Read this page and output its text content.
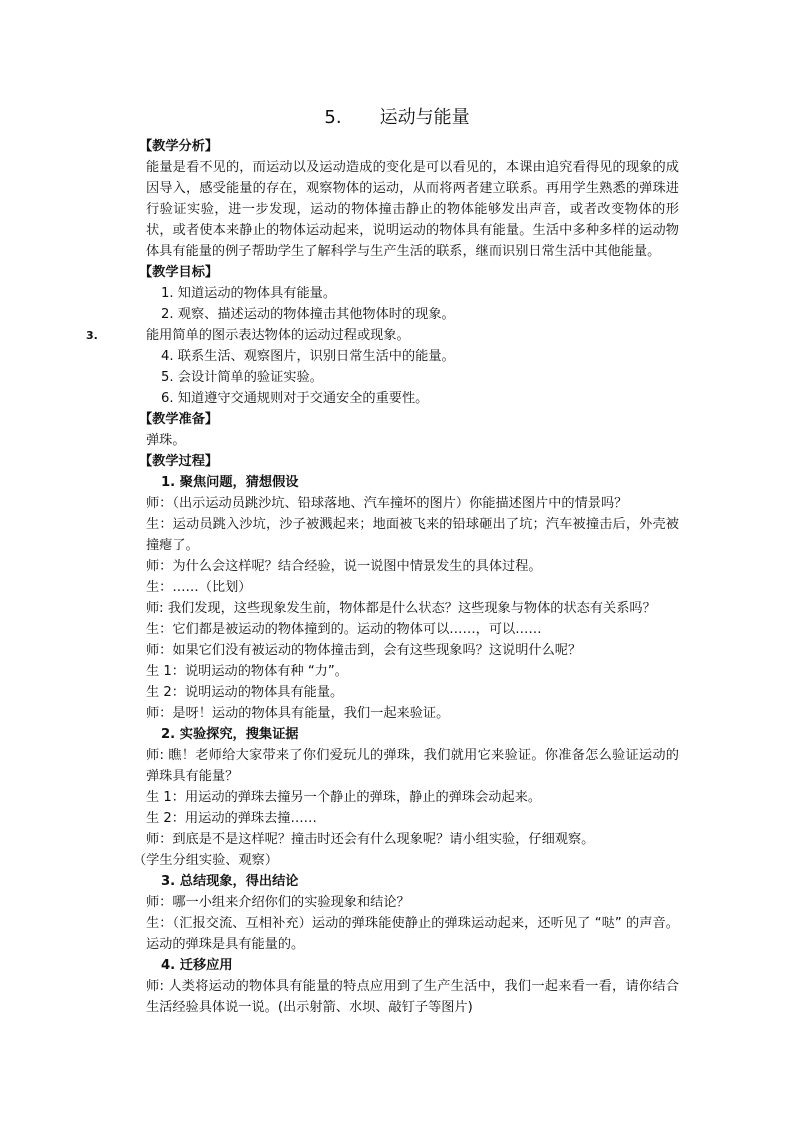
5. 运动与能量

【教学分析】

能量是看不见的，而运动以及运动造成的变化是可以看见的，本课由追究看得见的现象的成因导入，感受能量的存在，观察物体的运动，从而将两者建立联系。再用学生熟悉的弹珠进行验证实验，进一步发现，运动的物体撞击静止的物体能够发出声音，或者改变物体的形状，或者使本来静止的物体运动起来，说明运动的物体具有能量。生活中多种多样的运动物体具有能量的例子帮助学生了解科学与生产生活的联系，继而识别日常生活中其他能量。

【教学目标】

1. 知道运动的物体具有能量。

2. 观察、描述运动的物体撞击其他物体时的现象。

3.	能用简单的图示表达物体的运动过程或现象。

4. 联系生活、观察图片，识别日常生活中的能量。

5. 会设计简单的验证实验。

6. 知道遵守交通规则对于交通安全的重要性。

【教学准备】

弹珠。

【教学过程】

1. 聚焦问题，猜想假设

师：（出示运动员跳沙坑、铅球落地、汽车撞坏的图片）你能描述图片中的情景吗？

生：运动员跳入沙坑，沙子被溅起来；地面被飞来的铅球砸出了坑；汽车被撞击后，外壳被撞瘪了。

师：为什么会这样呢？结合经验，说一说图中情景发生的具体过程。

生：……（比划）

师: 我们发现，这些现象发生前，物体都是什么状态？这些现象与物体的状态有关系吗？

生：它们都是被运动的物体撞到的。运动的物体可以……，可以……

师：如果它们没有被运动的物体撞击到，会有这些现象吗？这说明什么呢？

生 1：说明运动的物体有种 “力”。

生 2：说明运动的物体具有能量。

师：是呀！运动的物体具有能量，我们一起来验证。

2. 实验探究，搜集证据

师: 瞧！老师给大家带来了你们爱玩儿的弹珠，我们就用它来验证。你准备怎么验证运动的弹珠具有能量？

生 1：用运动的弹珠去撞另一个静止的弹珠，静止的弹珠会动起来。

生 2：用运动的弹珠去撞……

师：到底是不是这样呢？撞击时还会有什么现象呢？请小组实验，仔细观察。

（学生分组实验、观察）

3. 总结现象，得出结论

师：哪一小组来介绍你们的实验现象和结论？

生：（汇报交流、互相补充）运动的弹珠能使静止的弹珠运动起来，还听见了 “哒” 的声音。运动的弹珠是具有能量的。

4. 迁移应用

师: 人类将运动的物体具有能量的特点应用到了生产生活中，我们一起来看一看，请你结合生活经验具体说一说。(出示射箭、水坝、敲钉子等图片)
